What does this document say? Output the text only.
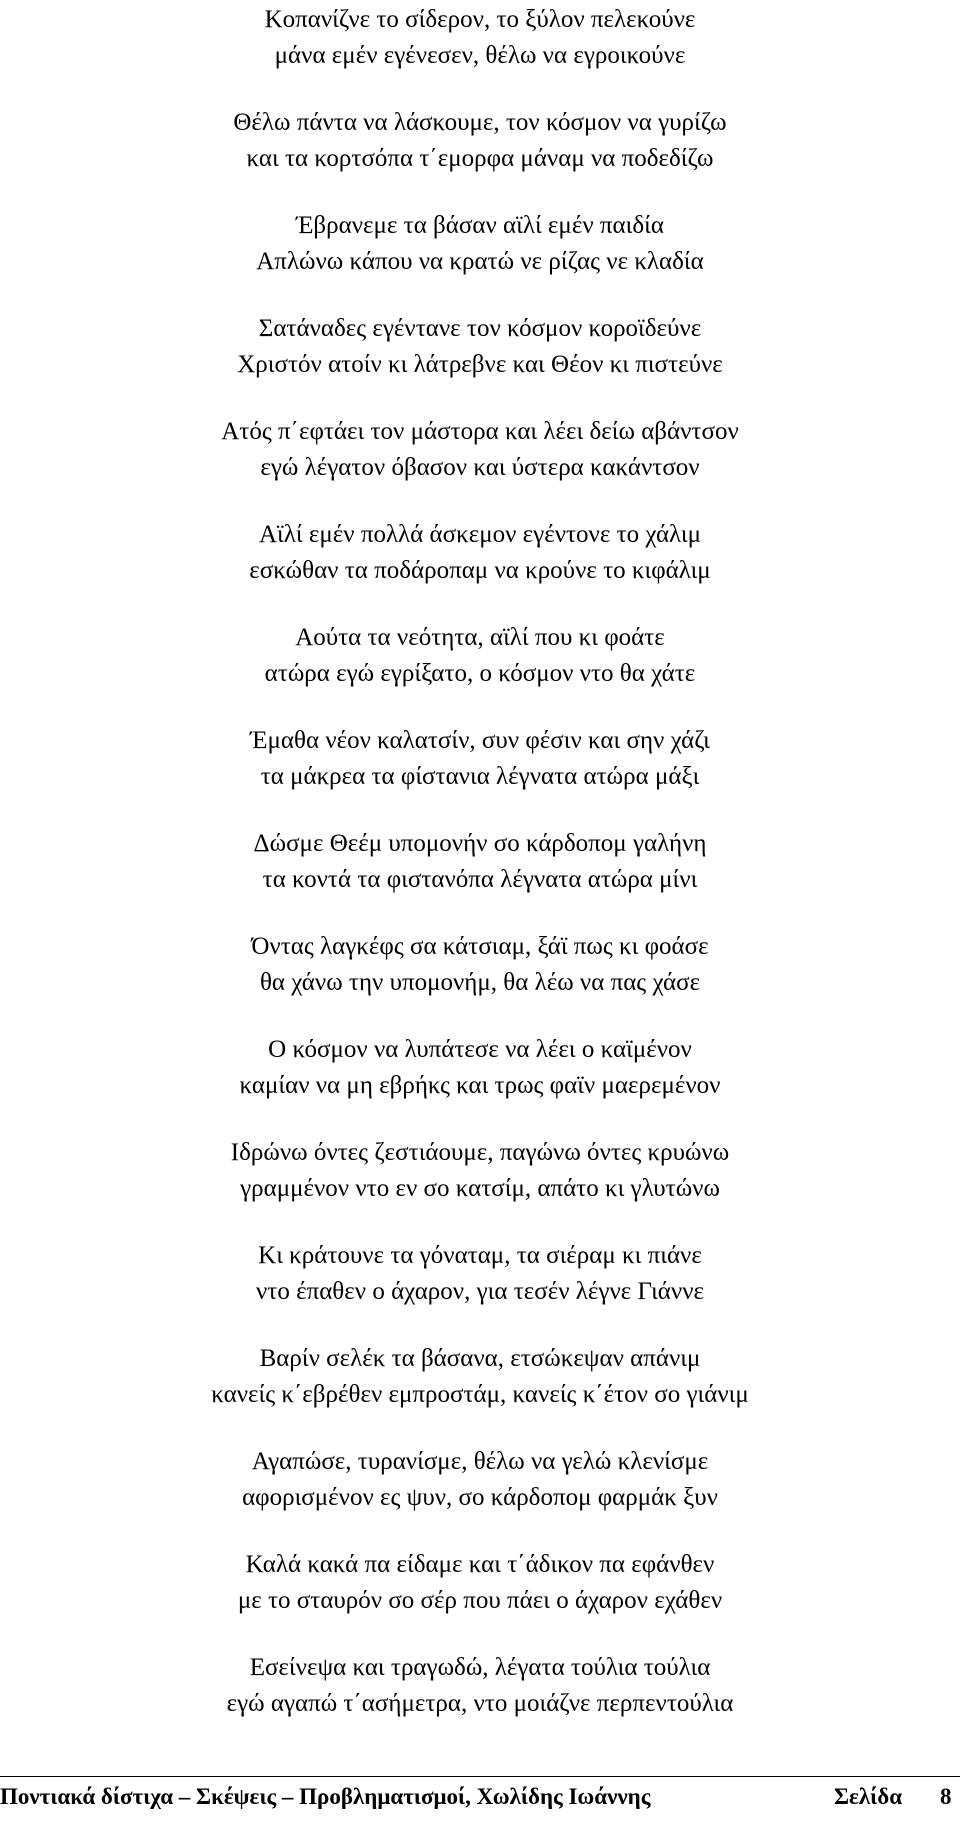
Κοπανίζνε το σίδερον, το ξύλον πελεκούνε
μάνα εμέν εγένεσεν, θέλω να εγροικούνε
Θέλω πάντα να λάσκουμε, τον κόσμον να γυρίζω
και τα κορτσόπα τ΄εμορφα μάναμ να ποδεδίζω
Έβρανεμε τα βάσαν αϊλί εμέν παιδία
Απλώνω κάπου να κρατώ νε ρίζας νε κλαδία
Σατάναδες εγέντανε τον κόσμον κοροϊδεύνε
Χριστόν ατοίν κι λάτρεβνε και Θέον κι πιστεύνε
Ατός π΄εφτάει τον μάστορα και λέει δείω αβάντσον
εγώ λέγατον όβασον και ύστερα κακάντσον
Αϊλί εμέν πολλά άσκεμον εγέντονε το χάλιμ
εσκώθαν τα ποδάροπαμ να κρούνε το κιφάλιμ
Αούτα τα νεότητα, αϊλί που κι φοάτε
ατώρα εγώ εγρίξατο, ο κόσμον ντο θα χάτε
Έμαθα νέον καλατσίν, συν φέσιν και σην χάζι
τα μάκρεα τα φίστανια λέγνατα ατώρα μάξι
Δώσμε Θεέμ υπομονήν σο κάρδοπομ γαλήνη
τα κοντά τα φιστανόπα λέγνατα ατώρα μίνι
Όντας λαγκέφς σα κάτσιαμ, ξάϊ πως κι φοάσε
θα χάνω την υπομονήμ, θα λέω να πας χάσε
Ο κόσμον να λυπάτεσε να λέει ο καϊμένον
καμίαν να μη εβρήκς και τρως φαϊν μαερεμένον
Ιδρώνω όντες ζεστιάουμε, παγώνω όντες κρυώνω
γραμμένον ντο εν σο κατσίμ, απάτο κι γλυτώνω
Κι κράτουνε τα γόναταμ, τα σιέραμ κι πιάνε
ντο έπαθεν ο άχαρον, για τεσέν λέγνε Γιάννε
Βαρίν σελέκ τα βάσανα, ετσώκεψαν απάνιμ
κανείς κ΄εβρέθεν εμπροστάμ, κανείς κ΄έτον σο γιάνιμ
Αγαπώσε, τυρανίσμε, θέλω να γελώ κλενίσμε
αφορισμένον ες ψυν, σο κάρδοπομ φαρμάκ ξυν
Καλά κακά πα είδαμε και τ΄άδικον πα εφάνθεν
με το σταυρόν σο σέρ που πάει ο άχαρον εχάθεν
Εσείνεψα και τραγωδώ, λέγατα τούλια τούλια
εγώ αγαπώ τ΄ασήμετρα, ντο μοιάζνε περπεντούλια
Ποντιακά δίστιχα – Σκέψεις – Προβληματισμοί, Χωλίδης Ιωάννης	Σελίδα 8
